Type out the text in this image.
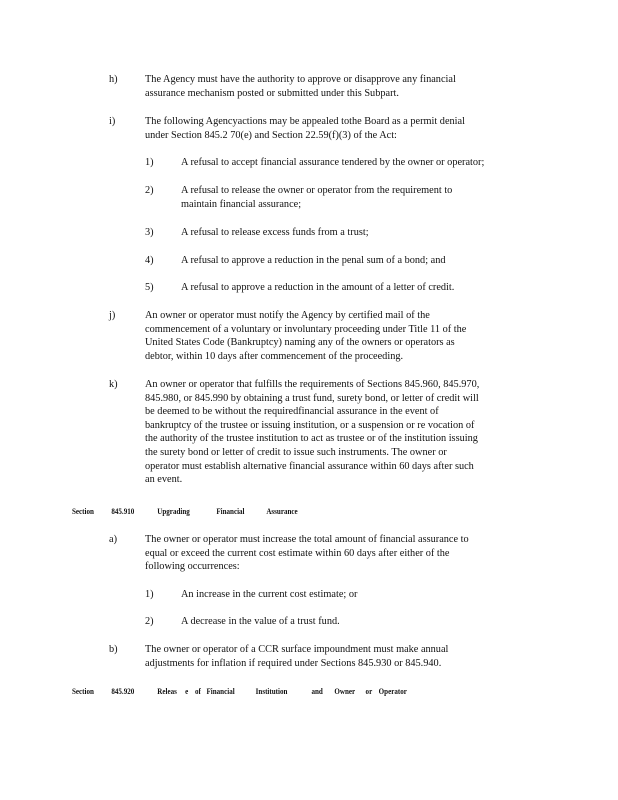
h)	The Agency must have the authority to approve or disapprove any financial
assurance mechanism posted or submitted under this Subpart.
i)	The following Agencyactions may be appealed tothe Board as a permit denial
under Section 845.2 70(e) and Section 22.59(f)(3) of the Act:
1)	A refusal to accept financial assurance tendered by the owner or operator;
2)	A refusal to release the owner or operator from the requirement to
maintain financial assurance;
3)	A refusal to release excess funds from a trust;
4)	A refusal to approve a reduction in the penal sum of a bond; and
5)	A refusal to approve a reduction in the amount of a letter of credit.
j)	An owner or operator must notify the Agency by certified mail of the
commencement of a voluntary or involuntary proceeding under Title 11 of the
United States Code (Bankruptcy) naming any of the owners or operators as
debtor, within 10 days after commencement of the proceeding.
k)	An owner or operator that fulfills the requirements of Sections 845.960, 845.970,
845.980, or 845.990 by obtaining a trust fund, surety bond, or letter of credit will
be deemed to be without the requiredfinancial assurance in the event of
bankruptcy of the trustee or issuing institution, or a suspension or re vocation of
the authority of the trustee institution to act as trustee or of the institution issuing
the surety bond or letter of credit to issue such instruments. The owner or
operator must establish alternative financial assurance within 60 days after such
an event.
Section 845.910	Upgrading	Financial	Assurance
a)	The owner or operator must increase the total amount of financial assurance to
equal or exceed the current cost estimate within 60 days after either of the
following occurrences:
1)	An increase in the current cost estimate; or
2)	A decrease in the value of a trust fund.
b)	The owner or operator of a CCR surface impoundment must make annual
adjustments for inflation if required under Sections 845.930 or 845.940.
Section 845.920	Releas e of Financial Institution	and Owner or Operator
